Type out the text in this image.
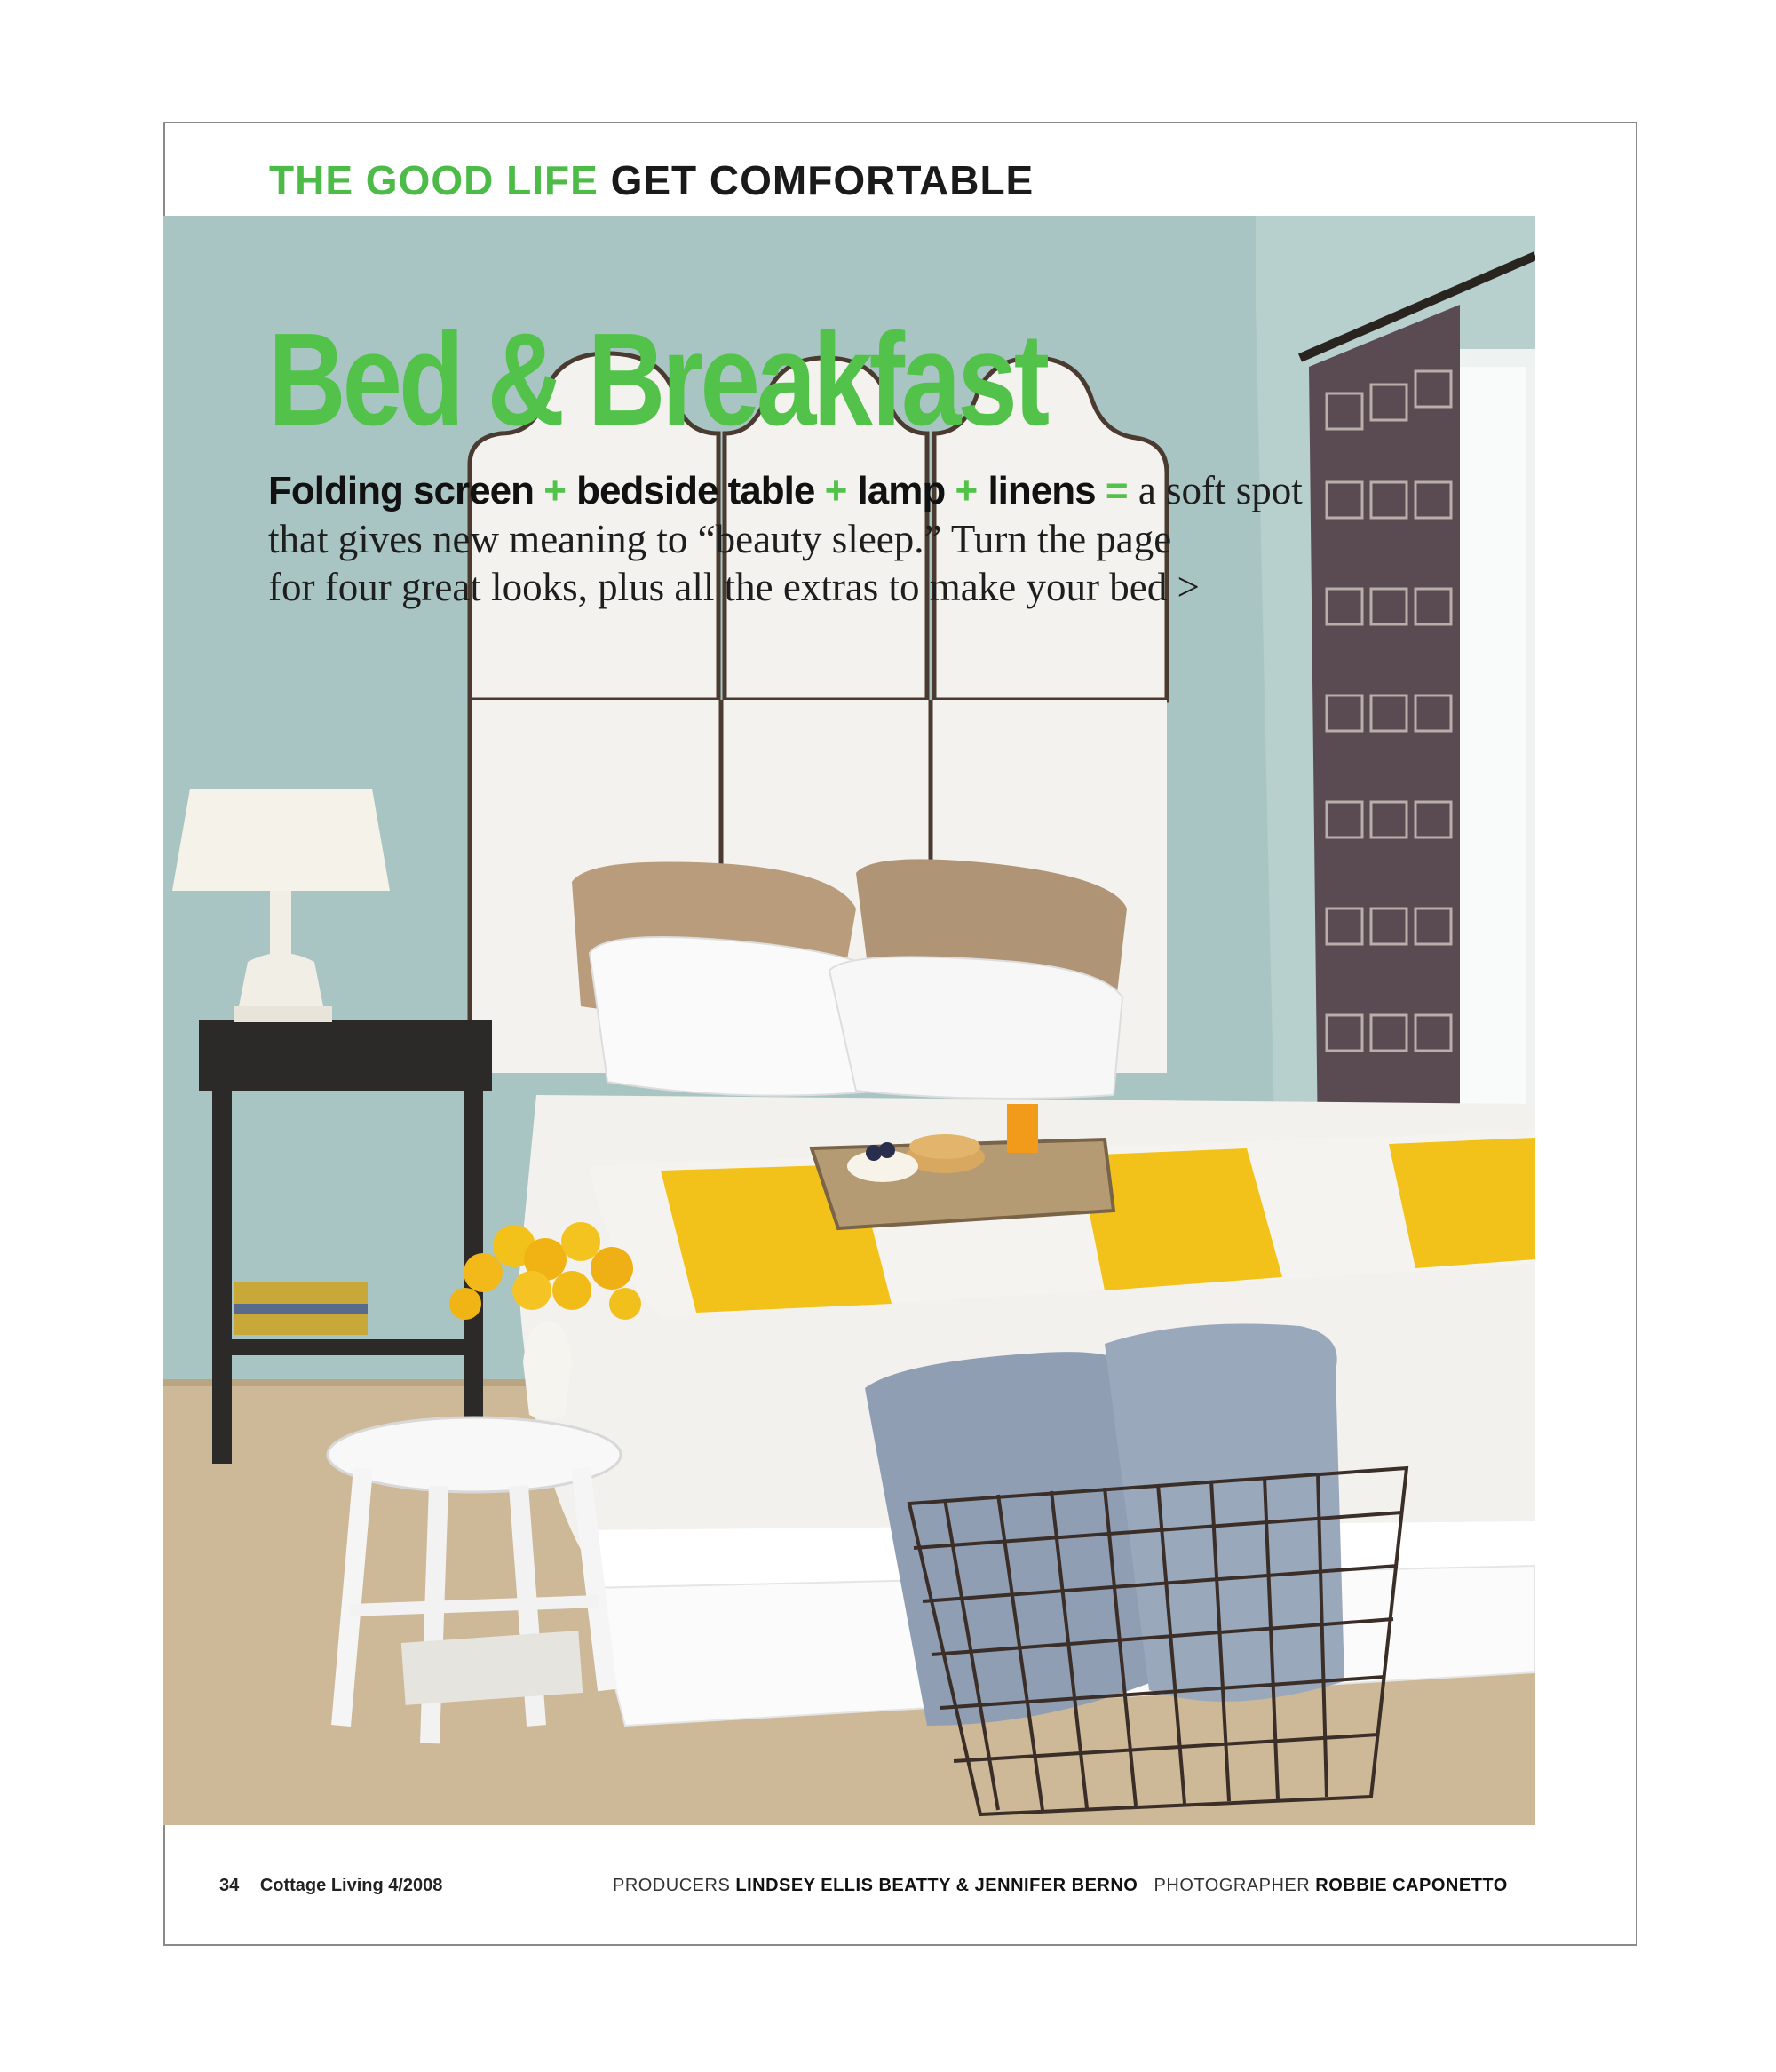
THE GOOD LIFE GET COMFORTABLE
Bed & Breakfast
Folding screen + bedside table + lamp + linens = a soft spot
that gives new meaning to “beauty sleep.” Turn the page
for four great looks, plus all the extras to make your bed >
34 Cottage Living 4/2008	PRODUCERS LINDSEY ELLIS BEATTY & JENNIFER BERNO PHOTOGRAPHER ROBBIE CAPONETTO
